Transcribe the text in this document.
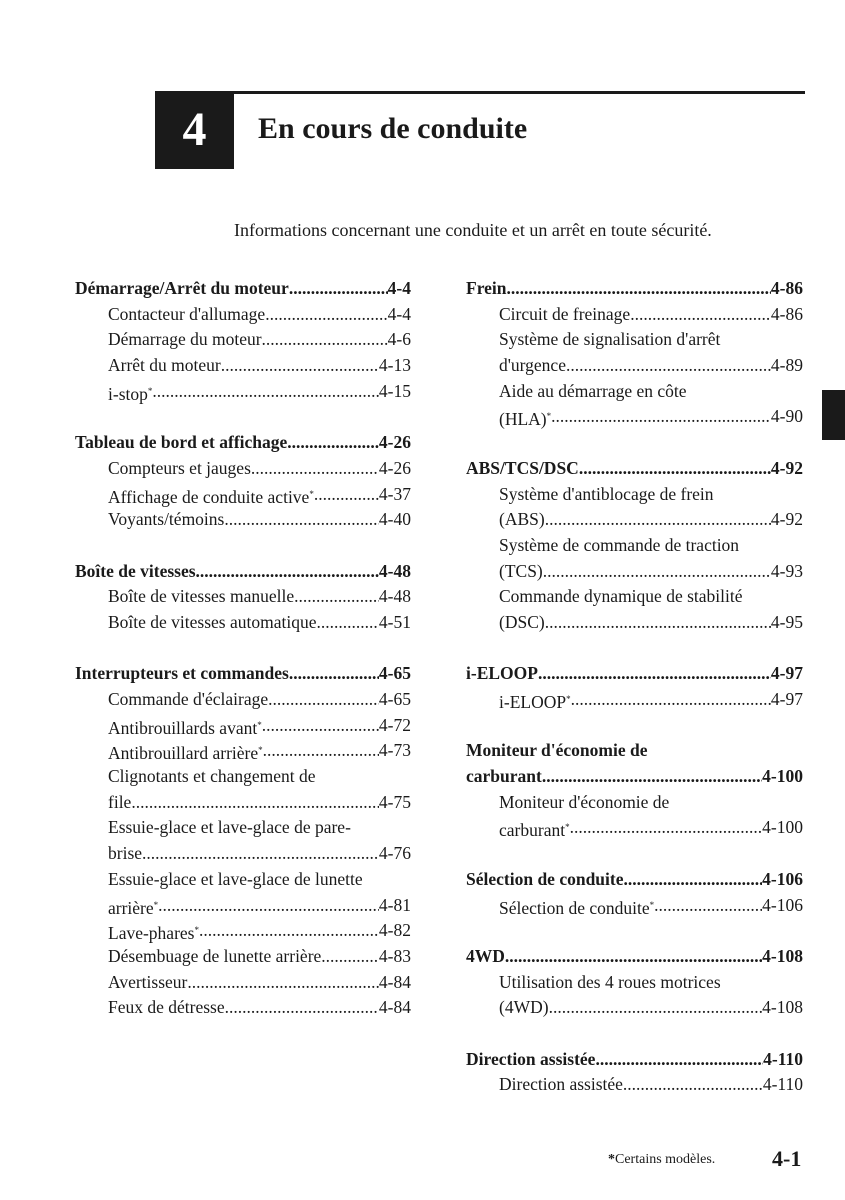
4	En cours de conduite
Informations concernant une conduite et un arrêt en toute sécurité.
Démarrage/Arrêt du moteur .....	4-4
Contacteur d'allumage .....	4-4
Démarrage du moteur .....	4-6
Arrêt du moteur .....	4-13
i-stop* .....	4-15
Tableau de bord et affichage .....	4-26
Compteurs et jauges .....	4-26
Affichage de conduite active* .....	4-37
Voyants/témoins .....	4-40
Boîte de vitesses .....	4-48
Boîte de vitesses manuelle .....	4-48
Boîte de vitesses automatique .....	4-51
Interrupteurs et commandes .....	4-65
Commande d'éclairage .....	4-65
Antibrouillards avant* .....	4-72
Antibrouillard arrière* .....	4-73
Clignotants et changement de
file .....	4-75
Essuie-glace et lave-glace de pare-
brise .....	4-76
Essuie-glace et lave-glace de lunette
arrière* .....	4-81
Lave-phares* .....	4-82
Désembuage de lunette arrière .....	4-83
Avertisseur .....	4-84
Feux de détresse .....	4-84
Frein .....	4-86
Circuit de freinage .....	4-86
Système de signalisation d'arrêt
d'urgence .....	4-89
Aide au démarrage en côte
(HLA)* .....	4-90
ABS/TCS/DSC .....	4-92
Système d'antiblocage de frein
(ABS) .....	4-92
Système de commande de traction
(TCS) .....	4-93
Commande dynamique de stabilité
(DSC) .....	4-95
i-ELOOP .....	4-97
i-ELOOP* .....	4-97
Moniteur d'économie de
carburant .....	4-100
Moniteur d'économie de
carburant* .....	4-100
Sélection de conduite .....	4-106
Sélection de conduite* .....	4-106
4WD .....	4-108
Utilisation des 4 roues motrices
(4WD) .....	4-108
Direction assistée .....	4-110
Direction assistée .....	4-110
*Certains modèles.	4-1
